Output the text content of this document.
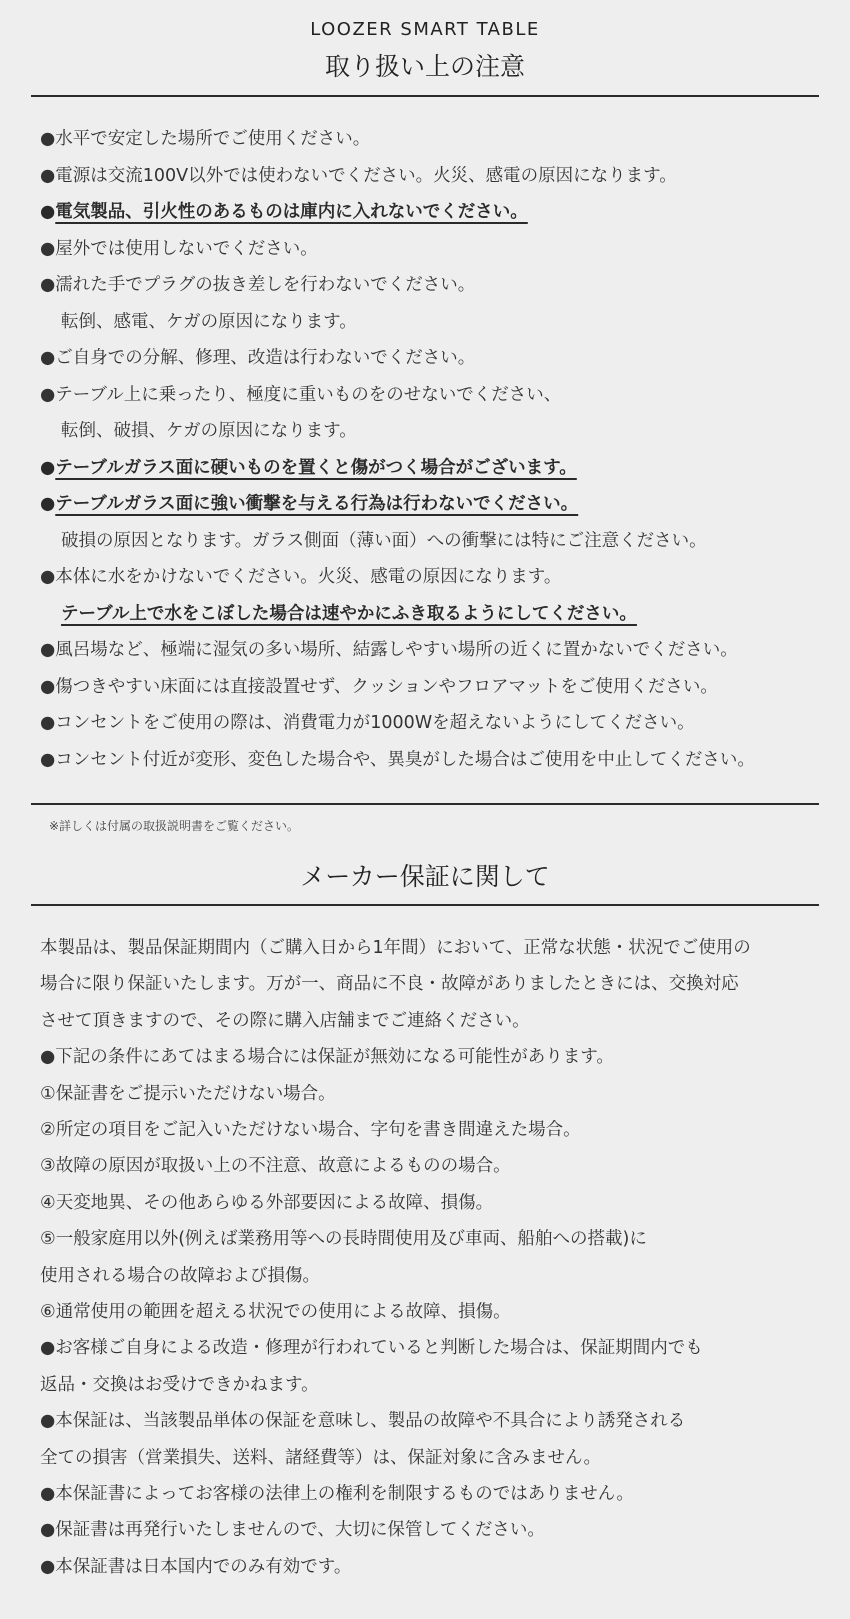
LOOZER SMART TABLE
取り扱い上の注意
●水平で安定した場所でご使用ください。
●電源は交流100V以外では使わないでください。火災、感電の原因になります。
●電気製品、引火性のあるものは庫内に入れないでください。
●屋外では使用しないでください。
●濡れた手でプラグの抜き差しを行わないでください。
転倒、感電、ケガの原因になります。
●ご自身での分解、修理、改造は行わないでください。
●テーブル上に乗ったり、極度に重いものをのせないでください、
転倒、破損、ケガの原因になります。
●テーブルガラス面に硬いものを置くと傷がつく場合がございます。
●テーブルガラス面に強い衝撃を与える行為は行わないでください。
破損の原因となります。ガラス側面（薄い面）への衝撃には特にご注意ください。
●本体に水をかけないでください。火災、感電の原因になります。
テーブル上で水をこぼした場合は速やかにふき取るようにしてください。
●風呂場など、極端に湿気の多い場所、結露しやすい場所の近くに置かないでください。
●傷つきやすい床面には直接設置せず、クッションやフロアマットをご使用ください。
●コンセントをご使用の際は、消費電力が1000Wを超えないようにしてください。
●コンセント付近が変形、変色した場合や、異臭がした場合はご使用を中止してください。
※詳しくは付属の取扱説明書をご覧ください。
メーカー保証に関して
本製品は、製品保証期間内（ご購入日から1年間）において、正常な状態・状況でご使用の
場合に限り保証いたします。万が一、商品に不良・故障がありましたときには、交換対応
させて頂きますので、その際に購入店舗までご連絡ください。
●下記の条件にあてはまる場合には保証が無効になる可能性があります。
①保証書をご提示いただけない場合。
②所定の項目をご記入いただけない場合、字句を書き間違えた場合。
③故障の原因が取扱い上の不注意、故意によるものの場合。
④天変地異、その他あらゆる外部要因による故障、損傷。
⑤一般家庭用以外(例えば業務用等への長時間使用及び車両、船舶への搭載)に
使用される場合の故障および損傷。
⑥通常使用の範囲を超える状況での使用による故障、損傷。
●お客様ご自身による改造・修理が行われていると判断した場合は、保証期間内でも
返品・交換はお受けできかねます。
●本保証は、当該製品単体の保証を意味し、製品の故障や不具合により誘発される
全ての損害（営業損失、送料、諸経費等）は、保証対象に含みません。
●本保証書によってお客様の法律上の権利を制限するものではありません。
●保証書は再発行いたしませんので、大切に保管してください。
●本保証書は日本国内でのみ有効です。
